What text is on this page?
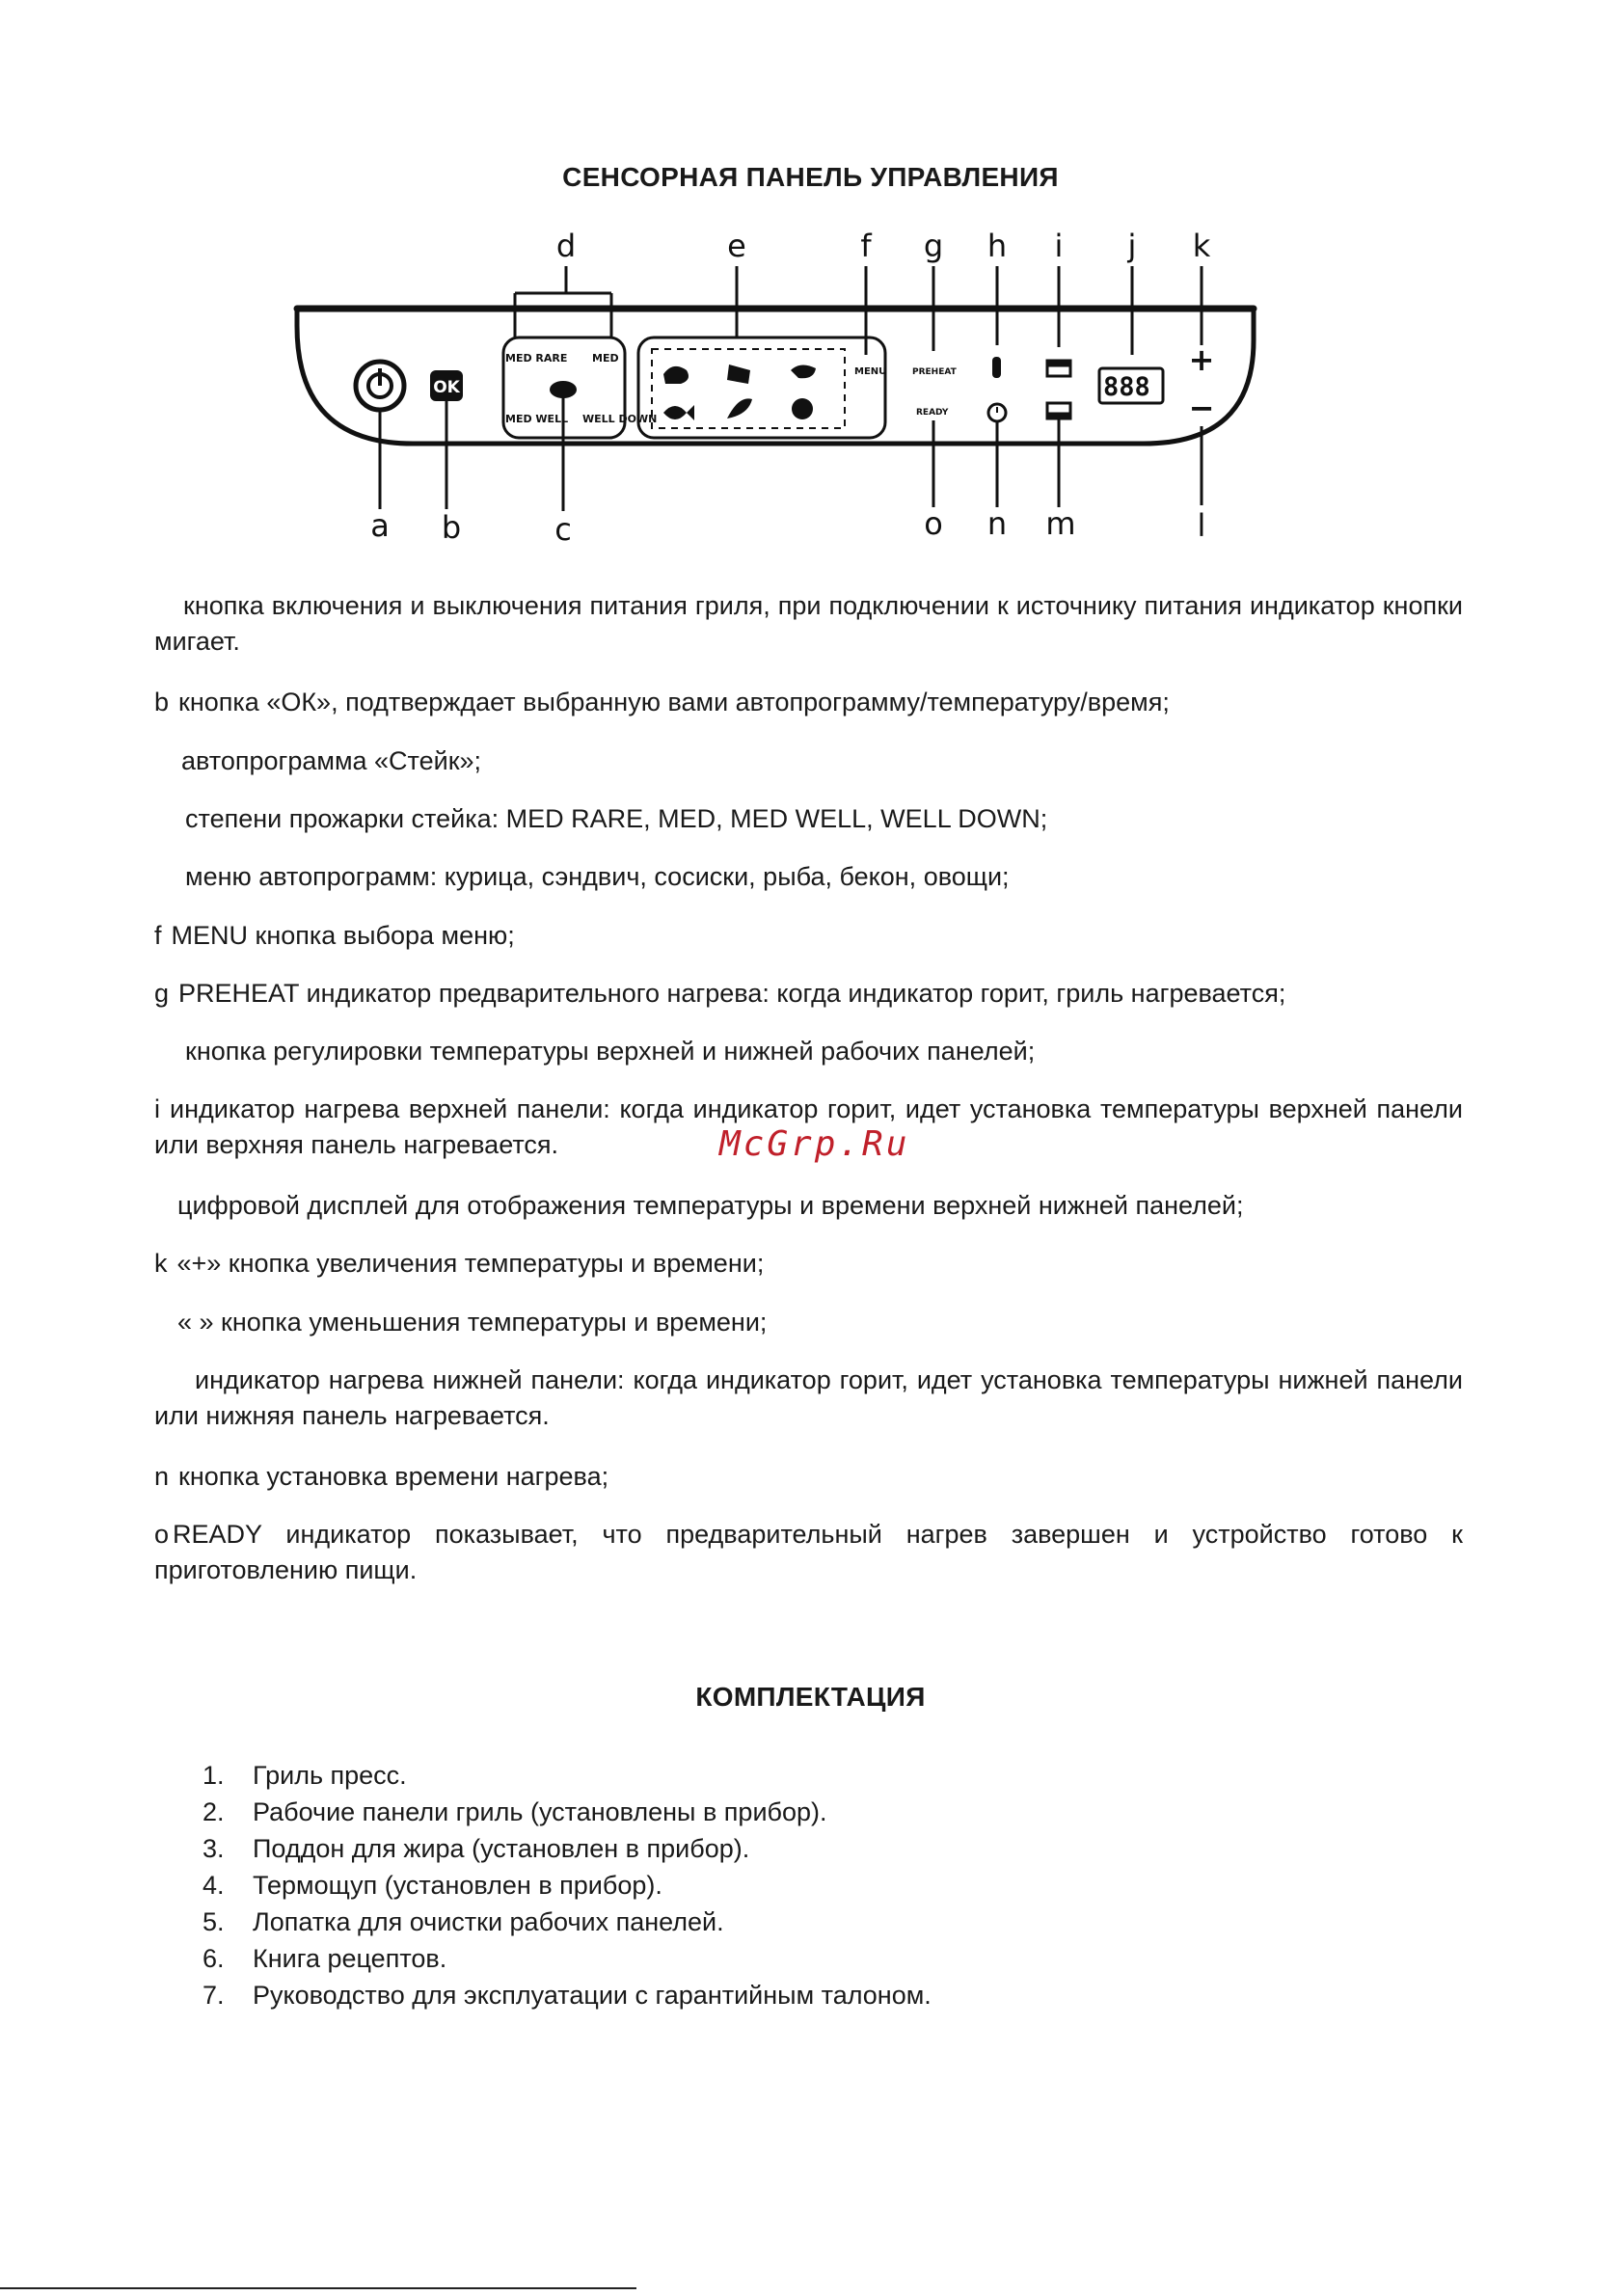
СЕНСОРНАЯ ПАНЕЛЬ УПРАВЛЕНИЯ
d	e	f g h i j k
OK
MED RARE MED
MED WELL WELL DOWN
MENU	PREHEAT
READY
888
+
−
a b	c	o n m	l
кнопка включения и выключения питания гриля, при подключении к источнику питания индикатор кнопки мигает.
b кнопка «ОК», подтверждает выбранную вами автопрограмму/температуру/время;
автопрограмма «Стейк»;
степени прожарки стейка: MED RARE, MED, MED WELL, WELL DOWN;
меню автопрограмм: курица, сэндвич, сосиски, рыба, бекон, овощи;
f MENU кнопка выбора меню;
g PREHEAT индикатор предварительного нагрева: когда индикатор горит, гриль нагревается;
кнопка регулировки температуры верхней и нижней рабочих панелей;
i индикатор нагрева верхней панели: когда индикатор горит, идет установка температуры верхней панели или верхняя панель нагревается.
цифровой дисплей для отображения температуры и времени верхней нижней панелей;
k «+» кнопка увеличения температуры и времени;
« » кнопка уменьшения температуры и времени;
индикатор нагрева нижней панели: когда индикатор горит, идет установка температуры нижней панели или нижняя панель нагревается.
n кнопка установка времени нагрева;
o READY индикатор показывает, что предварительный нагрев завершен и устройство готово к приготовлению пищи.
McGrp.Ru
КОМПЛЕКТАЦИЯ
1. Гриль пресс.
2. Рабочие панели гриль (установлены в прибор).
3. Поддон для жира (установлен в прибор).
4. Термощуп (установлен в прибор).
5. Лопатка для очистки рабочих панелей.
6. Книга рецептов.
7. Руководство для эксплуатации с гарантийным талоном.
